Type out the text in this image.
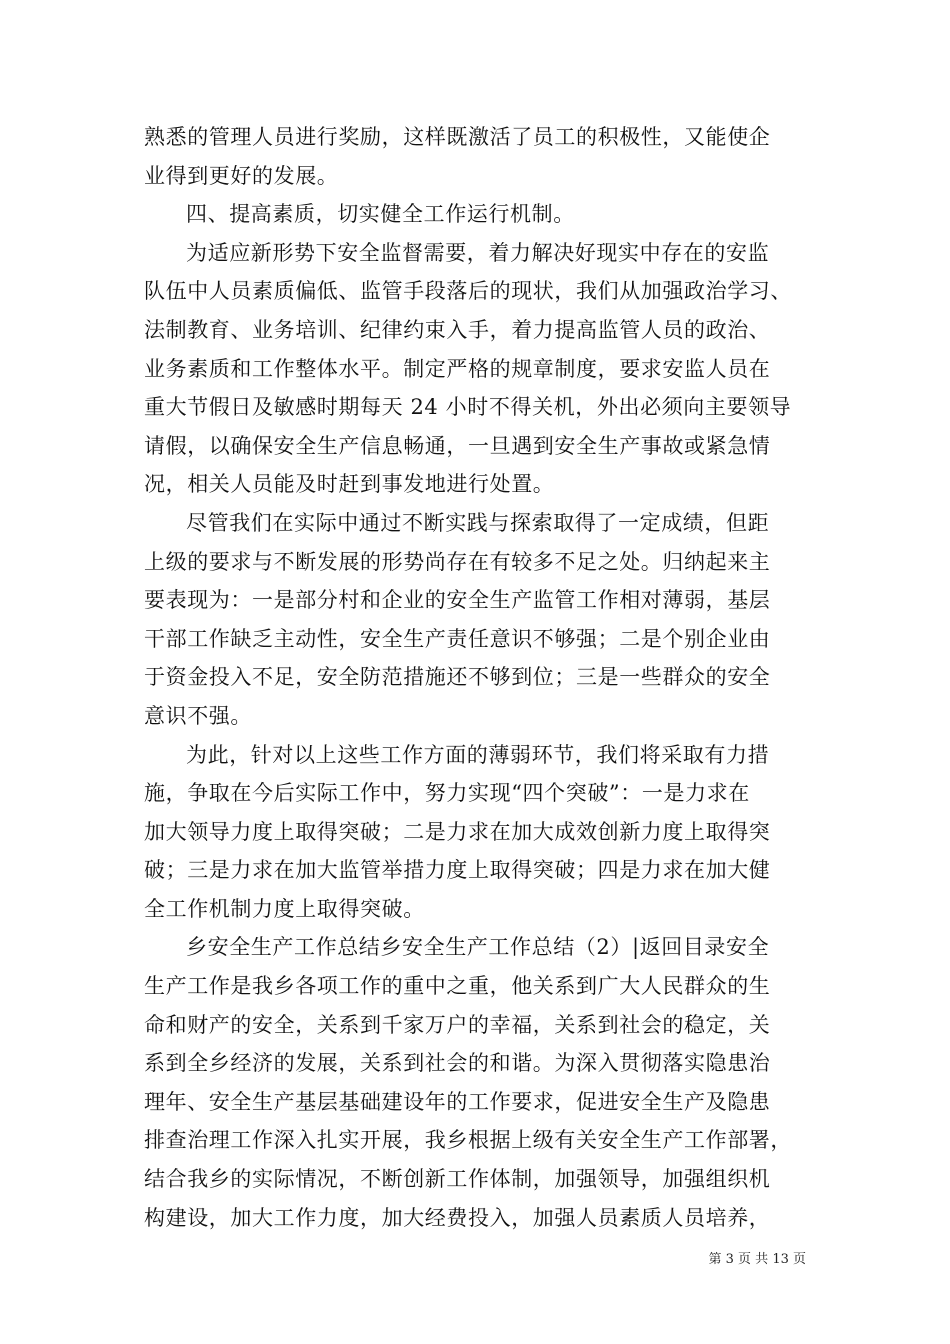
熟悉的管理人员进行奖励，这样既激活了员工的积极性，又能使企
业得到更好的发展。
四、提高素质，切实健全工作运行机制。
为适应新形势下安全监督需要，着力解决好现实中存在的安监
队伍中人员素质偏低、监管手段落后的现状，我们从加强政治学习、
法制教育、业务培训、纪律约束入手，着力提高监管人员的政治、
业务素质和工作整体水平。制定严格的规章制度，要求安监人员在
重大节假日及敏感时期每天 24 小时不得关机，外出必须向主要领导
请假，以确保安全生产信息畅通，一旦遇到安全生产事故或紧急情
况，相关人员能及时赶到事发地进行处置。
尽管我们在实际中通过不断实践与探索取得了一定成绩，但距
上级的要求与不断发展的形势尚存在有较多不足之处。归纳起来主
要表现为：一是部分村和企业的安全生产监管工作相对薄弱，基层
干部工作缺乏主动性，安全生产责任意识不够强；二是个别企业由
于资金投入不足，安全防范措施还不够到位；三是一些群众的安全
意识不强。
为此，针对以上这些工作方面的薄弱环节，我们将采取有力措
施，争取在今后实际工作中，努力实现“四个突破”：一是力求在
加大领导力度上取得突破；二是力求在加大成效创新力度上取得突
破；三是力求在加大监管举措力度上取得突破；四是力求在加大健
全工作机制力度上取得突破。
乡安全生产工作总结乡安全生产工作总结（2）|返回目录安全
生产工作是我乡各项工作的重中之重，他关系到广大人民群众的生
命和财产的安全，关系到千家万户的幸福，关系到社会的稳定，关
系到全乡经济的发展，关系到社会的和谐。为深入贯彻落实隐患治
理年、安全生产基层基础建设年的工作要求，促进安全生产及隐患
排查治理工作深入扎实开展，我乡根据上级有关安全生产工作部署，
结合我乡的实际情况，不断创新工作体制，加强领导，加强组织机
构建设，加大工作力度，加大经费投入，加强人员素质人员培养，
第 3 页 共 13 页
